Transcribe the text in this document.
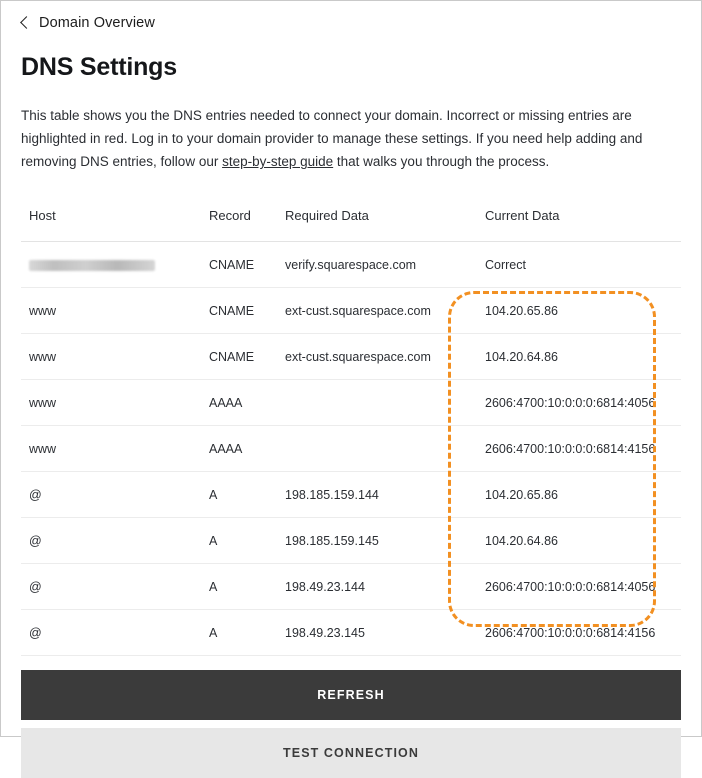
Domain Overview
DNS Settings

This table shows you the DNS entries needed to connect your domain. Incorrect or missing entries are highlighted in red. Log in to your domain provider to manage these settings. If you need help adding and removing DNS entries, follow our step-by-step guide that walks you through the process.

Host	Record	Required Data	Current Data
	CNAME	verify.squarespace.com	Correct
www	CNAME	ext-cust.squarespace.com	104.20.65.86
www	CNAME	ext-cust.squarespace.com	104.20.64.86
www	AAAA		2606:4700:10:0:0:0:6814:4056
www	AAAA		2606:4700:10:0:0:0:6814:4156
@	A	198.185.159.144	104.20.65.86
@	A	198.185.159.145	104.20.64.86
@	A	198.49.23.144	2606:4700:10:0:0:0:6814:4056
@	A	198.49.23.145	2606:4700:10:0:0:0:6814:4156
REFRESH
TEST CONNECTION
